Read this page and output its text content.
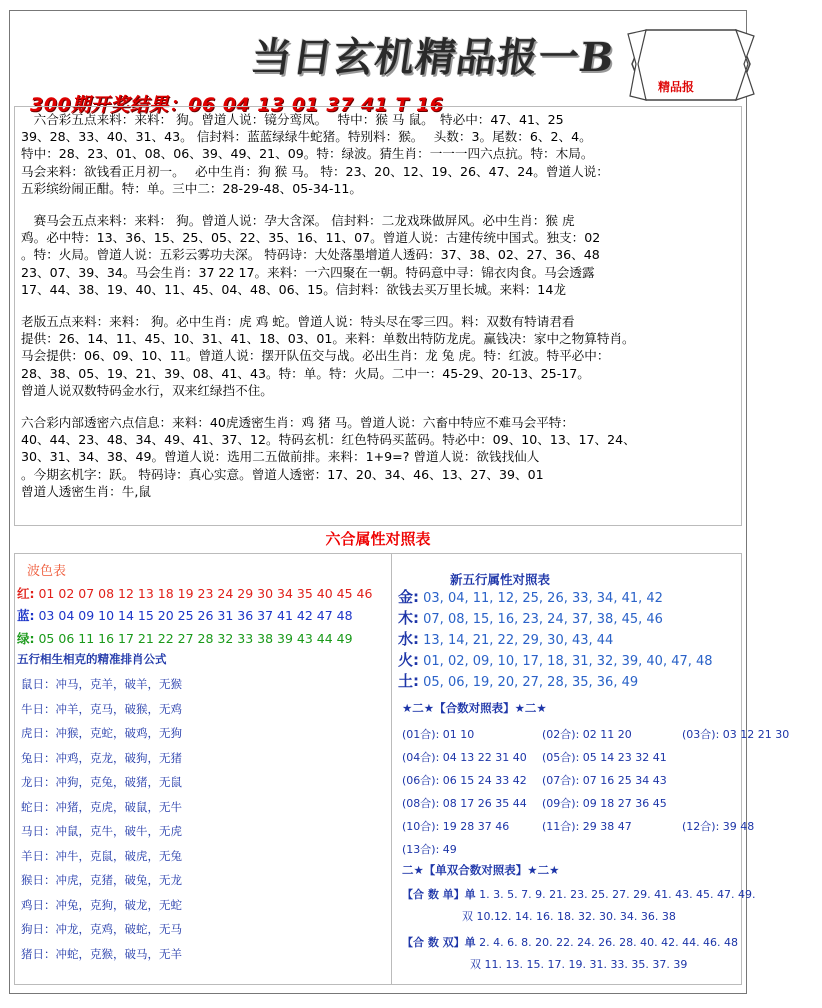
当日玄机精品报一B
精品报
300期开奖结果：06 04 13 01 37 41 T 16

　六合彩五点来料：来料： 狗。曾道人说：镜分鸾凤。　 特中：猴 马 鼠。　特必中：47、41、25
39、28、33、40、31、43。 信封料：蓝蓝绿绿牛蛇猪。特别料：猴。　 头数：3。尾数：6、2、4。
特中：28、23、01、08、06、39、49、21、09。特：绿波。猜生肖：一一一四六点抗。特：木局。
马会来料：欲钱看正月初一。　 必中生肖：狗 猴 马。 特：23、20、12、19、26、47、24。曾道人说：
五彩缤纷闹正酣。特：单。三中二：28-29-48、05-34-11。

　赛马会五点来料：来料： 狗。曾道人说：孕大含深。 信封料：二龙戏珠做屏风。必中生肖：猴 虎
鸡。必中特：13、36、15、25、05、22、35、16、11、07。曾道人说：古建传统中国式。独支：02
。特：火局。曾道人说：五彩云雾功夫深。 特码诗：大处落墨增道人透码：37、38、02、27、36、48
23、07、39、34。马会生肖：37 22 17。来料：一六四聚在一朝。特码意中寻：锦衣肉食。马会透露
17、44、38、19、40、11、45、04、48、06、15。信封料：欲钱去买万里长城。来料：14龙

老版五点来料：来料： 狗。必中生肖：虎 鸡 蛇。曾道人说：特头尽在零三四。料：双数有特请君看
提供：26、14、11、45、10、31、41、18、03、01。来料：单数出特防龙虎。赢钱决：家中之物算特肖。
马会提供：06、09、10、11。曾道人说：摆开队伍交与战。必出生肖：龙 兔 虎。特：红波。特平必中：
28、38、05、19、21、39、08、41、43。特：单。特：火局。二中一：45-29、20-13、25-17。
曾道人说双数特码金水行，双来红绿挡不住。

六合彩内部透密六点信息：来料：40虎透密生肖：鸡 猪 马。曾道人说：六畜中特应不难马会平特：
40、44、23、48、34、49、41、37、12。特码玄机：红色特码买蓝码。特必中：09、10、13、17、24、
30、31、34、38、49。曾道人说：选用二五做前排。来料：1+9=? 曾道人说：欲钱找仙人
。今期玄机字：跃。 特码诗：真心实意。曾道人透密：17、20、34、46、13、27、39、01
曾道人透密生肖：牛,鼠

六合属性对照表
波色表
红: 01 02 07 08 12 13 18 19 23 24 29 30 34 35 40 45 46
蓝: 03 04 09 10 14 15 20 25 26 31 36 37 41 42 47 48
绿: 05 06 11 16 17 21 22 27 28 32 33 38 39 43 44 49
五行相生相克的精准排肖公式
鼠日：冲马，克羊，破羊，无猴
牛日：冲羊，克马，破猴，无鸡
虎日：冲猴，克蛇，破鸡，无狗
兔日：冲鸡，克龙，破狗，无猪
龙日：冲狗，克兔，破猪，无鼠
蛇日：冲猪，克虎，破鼠，无牛
马日：冲鼠，克牛，破牛，无虎
羊日：冲牛，克鼠，破虎，无兔
猴日：冲虎，克猪，破兔，无龙
鸡日：冲兔，克狗，破龙，无蛇
狗日：冲龙，克鸡，破蛇，无马
猪日：冲蛇，克猴，破马，无羊
新五行属性对照表
金: 03, 04, 11, 12, 25, 26, 33, 34, 41, 42
木: 07, 08, 15, 16, 23, 24, 37, 38, 45, 46
水: 13, 14, 21, 22, 29, 30, 43, 44
火: 01, 02, 09, 10, 17, 18, 31, 32, 39, 40, 47, 48
土: 05, 06, 19, 20, 27, 28, 35, 36, 49
★二★【合数对照表】★二★
(01合): 01 10	(02合): 02 11 20	(03合): 03 12 21 30
(04合): 04 13 22 31 40 (05合): 05 14 23 32 41
(06合): 06 15 24 33 42 (07合): 07 16 25 34 43
(08合): 08 17 26 35 44 (09合): 09 18 27 36 45
(10合): 19 28 37 46	(11合): 29 38 47	(12合): 39 48
(13合): 49
二★【单双合数对照表】★二★
【合 数 单】单 1. 3. 5. 7. 9. 21. 23. 25. 27. 29. 41. 43. 45. 47. 49.
双 10.12. 14. 16. 18. 32. 30. 34. 36. 38
【合 数 双】单 2. 4. 6. 8. 20. 22. 24. 26. 28. 40. 42. 44. 46. 48
双 11. 13. 15. 17. 19. 31. 33. 35. 37. 39
